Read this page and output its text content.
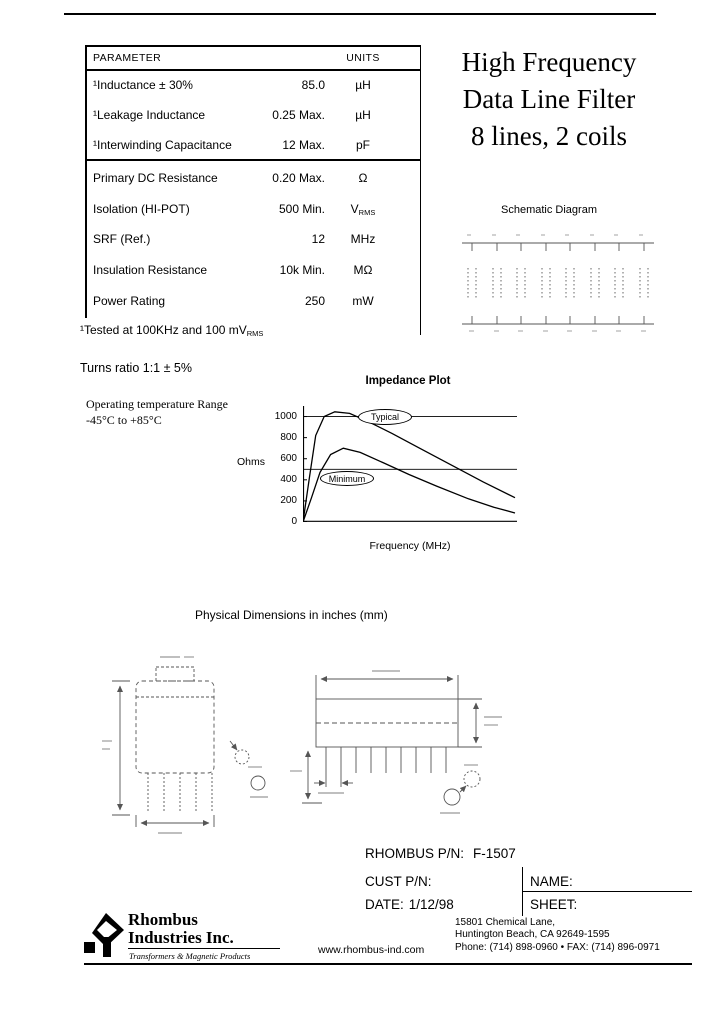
PARAMETER	UNITS
¹Inductance ± 30%	85.0	µH
¹Leakage Inductance	0.25 Max.	µH
¹Interwinding Capacitance	12 Max.	pF
Primary DC Resistance	0.20 Max.	Ω
Isolation (HI-POT)	500 Min.	$V_{RMS}$
SRF (Ref.)	12	MHz
Insulation Resistance	10k Min.	MΩ
Power Rating	250	mW
High Frequency
Data Line Filter
8 lines, 2 coils
Schematic Diagram
¹Tested at 100KHz and 100 mVRMS
Turns ratio 1:1 ± 5%
Operating temperature Range
-45°C to +85°C
Impedance Plot
Ohms
0
200
400
600
800
1000
Frequency (MHz)
Typical
Minimum
Physical Dimensions in inches (mm)
RHOMBUS P/N: F-1507
CUST P/N:
DATE: 1/12/98
NAME:
SHEET:
Rhombus
Industries Inc.
Transformers & Magnetic Products	www.rhombus-ind.com
15801 Chemical Lane,
Huntington Beach, CA 92649-1595
Phone: (714) 898-0960 • FAX: (714) 896-0971
